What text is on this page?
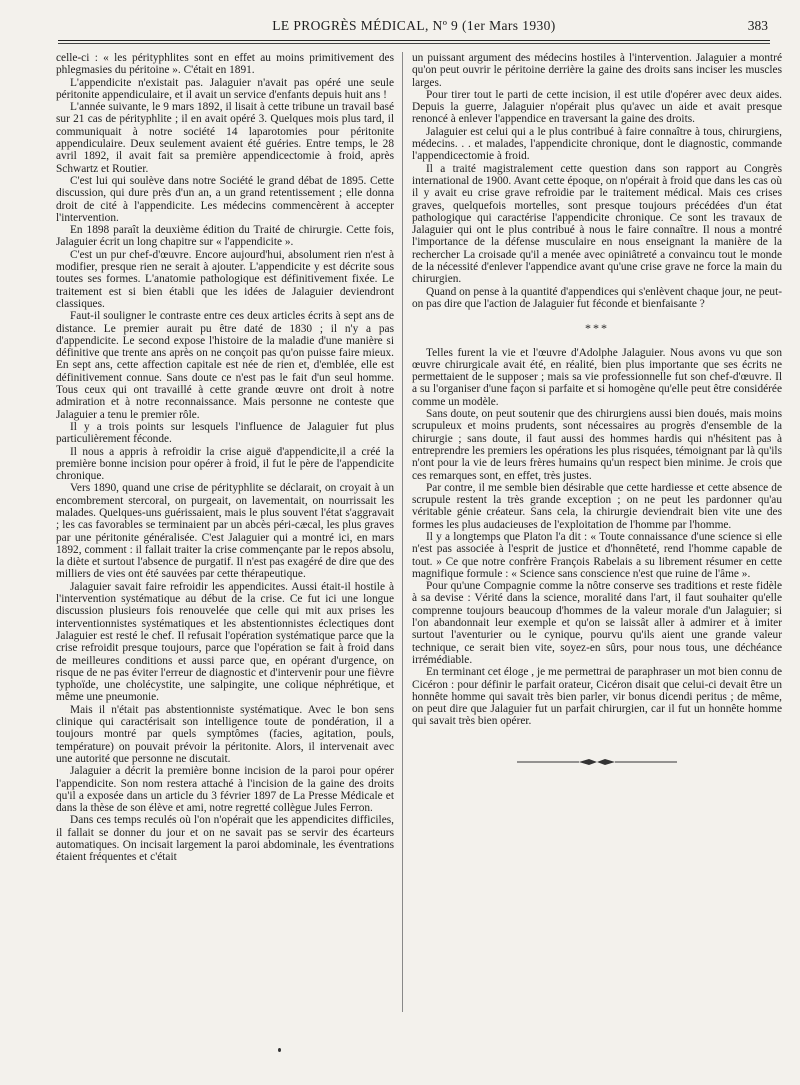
LE PROGRÈS MÉDICAL, Nº 9 (1er Mars 1930)	383

celle-ci : « les pérityphlites sont en effet au moins primitivement des phlegmasies du péritoine ». C'était en 1891.

L'appendicite n'existait pas. Jalaguier n'avait pas opéré une seule péritonite appendiculaire, et il avait un service d'enfants depuis huit ans !

L'année suivante, le 9 mars 1892, il lisait à cette tribune un travail basé sur 21 cas de pérityphlite ; il en avait opéré 3. Quelques mois plus tard, il communiquait à notre société 14 laparotomies pour péritonite appendiculaire. Deux seulement avaient été guéries. Entre temps, le 28 avril 1892, il avait fait sa première appendicectomie à froid, après Schwartz et Routier.

C'est lui qui soulève dans notre Société le grand débat de 1895. Cette discussion, qui dure près d'un an, a un grand retentissement ; elle donna droit de cité à l'appendicite. Les médecins commencèrent à accepter l'intervention.

En 1898 paraît la deuxième édition du Traité de chirurgie. Cette fois, Jalaguier écrit un long chapitre sur « l'appendicite ».

C'est un pur chef-d'œuvre. Encore aujourd'hui, absolument rien n'est à modifier, presque rien ne serait à ajouter. L'appendicite y est décrite sous toutes ses formes. L'anatomie pathologique est définitivement fixée. Le traitement est si bien établi que les idées de Jalaguier deviendront classiques.

Faut-il souligner le contraste entre ces deux articles écrits à sept ans de distance. Le premier aurait pu être daté de 1830 ; il n'y a pas d'appendicite. Le second expose l'histoire de la maladie d'une manière si définitive que trente ans après on ne conçoit pas qu'on puisse faire mieux. En sept ans, cette affection capitale est née de rien et, d'emblée, elle est définitivement connue. Sans doute ce n'est pas le fait d'un seul homme. Tous ceux qui ont travaillé à cette grande œuvre ont droit à notre admiration et à notre reconnaissance. Mais personne ne conteste que Jalaguier a tenu le premier rôle.

Il y a trois points sur lesquels l'influence de Jalaguier fut plus particulièrement féconde.

Il nous a appris à refroidir la crise aiguë d'appendicite,il a créé la première bonne incision pour opérer à froid, il fut le père de l'appendicite chronique.

Vers 1890, quand une crise de pérityphlite se déclarait, on croyait à un encombrement stercoral, on purgeait, on lavementait, on nourrissait les malades. Quelques-uns guérissaient, mais le plus souvent l'état s'aggravait ; les cas favorables se terminaient par un abcès péri-cæcal, les plus graves par une péritonite généralisée. C'est Jalaguier qui a montré ici, en mars 1892, comment : il fallait traiter la crise commençante par le repos absolu, la diète et surtout l'absence de purgatif. Il n'est pas exagéré de dire que des milliers de vies ont été sauvées par cette thérapeutique.

Jalaguier savait faire refroidir les appendicites. Aussi était-il hostile à l'intervention systématique au début de la crise. Ce fut ici une longue discussion plusieurs fois renouvelée que celle qui mit aux prises les interventionnistes systématiques et les abstentionnistes éclectiques dont Jalaguier est resté le chef. Il refusait l'opération systématique parce que la crise refroidit presque toujours, parce que l'opération se fait à froid dans de meilleures conditions et aussi parce que, en opérant d'urgence, on risque de ne pas éviter l'erreur de diagnostic et d'intervenir pour une fièvre typhoïde, une cholécystite, une salpingite, une colique néphrétique, et même une pneumonie.

Mais il n'était pas abstentionniste systématique. Avec le bon sens clinique qui caractérisait son intelligence toute de pondération, il a toujours montré par quels symptômes (facies, agitation, pouls, température) on pouvait prévoir la péritonite. Alors, il intervenait avec une autorité que personne ne discutait.

Jalaguier a décrit la première bonne incision de la paroi pour opérer l'appendicite. Son nom restera attaché à l'incision de la gaine des droits qu'il a exposée dans un article du 3 février 1897 de La Presse Médicale et dans la thèse de son élève et ami, notre regretté collègue Jules Ferron.

Dans ces temps reculés où l'on n'opérait que les appendicites difficiles, il fallait se donner du jour et on ne savait pas se servir des écarteurs automatiques. On incisait largement la paroi abdominale, les éventrations étaient fréquentes et c'était

un puissant argument des médecins hostiles à l'intervention. Jalaguier a montré qu'on peut ouvrir le péritoine derrière la gaine des droits sans inciser les muscles larges.

Pour tirer tout le parti de cette incision, il est utile d'opérer avec deux aides. Depuis la guerre, Jalaguier n'opérait plus qu'avec un aide et avait presque renoncé à enlever l'appendice en traversant la gaine des droits.

Jalaguier est celui qui a le plus contribué à faire connaître à tous, chirurgiens, médecins. . . et malades, l'appendicite chronique, dont le diagnostic, commande l'appendicectomie à froid.

Il a traité magistralement cette question dans son rapport au Congrès international de 1900. Avant cette époque, on n'opérait à froid que dans les cas où il y avait eu crise grave refroidie par le traitement médical. Mais ces crises graves, quelquefois mortelles, sont presque toujours précédées d'un état pathologique qui caractérise l'appendicite chronique. Ce sont les travaux de Jalaguier qui ont le plus contribué à nous le faire connaître. Il nous a montré l'importance de la défense musculaire en nous enseignant la manière de la rechercher La croisade qu'il a menée avec opiniâtreté a convaincu tout le monde de la nécessité d'enlever l'appendice avant qu'une crise grave ne force la main du chirurgien.

Quand on pense à la quantité d'appendices qui s'enlèvent chaque jour, ne peut-on pas dire que l'action de Jalaguier fut féconde et bienfaisante ?

***

Telles furent la vie et l'œuvre d'Adolphe Jalaguier. Nous avons vu que son œuvre chirurgicale avait été, en réalité, bien plus importante que ses écrits ne permettaient de le supposer ; mais sa vie professionnelle fut son chef-d'œuvre. Il a su l'organiser d'une façon si parfaite et si homogène qu'elle peut être considérée comme un modèle.

Sans doute, on peut soutenir que des chirurgiens aussi bien doués, mais moins scrupuleux et moins prudents, sont nécessaires au progrès d'ensemble de la chirurgie ; sans doute, il faut aussi des hommes hardis qui n'hésitent pas à entreprendre les premiers les opérations les plus risquées, témoignant par là qu'ils n'ont pour la vie de leurs frères humains qu'un respect bien minime. Je crois que ces remarques sont, en effet, très justes.

Par contre, il me semble bien désirable que cette hardiesse et cette absence de scrupule restent la très grande exception ; on ne peut les pardonner qu'au véritable génie créateur. Sans cela, la chirurgie deviendrait bien vite une des formes les plus audacieuses de l'exploitation de l'homme par l'homme.

Il y a longtemps que Platon l'a dit : « Toute connaissance d'une science si elle n'est pas associée à l'esprit de justice et d'honnêteté, rend l'homme capable de tout. » Ce que notre confrère François Rabelais a su librement résumer en cette magnifique formule : « Science sans conscience n'est que ruine de l'âme ».

Pour qu'une Compagnie comme la nôtre conserve ses traditions et reste fidèle à sa devise : Vérité dans la science, moralité dans l'art, il faut souhaiter qu'elle comprenne toujours beaucoup d'hommes de la valeur morale d'un Jalaguier; si l'on abandonnait leur exemple et qu'on se laissât aller à admirer et à imiter surtout l'aventurier ou le cynique, pourvu qu'ils aient une grande valeur technique, ce serait bien vite, soyez-en sûrs, pour nous tous, une déchéance irrémédiable.

En terminant cet éloge , je me permettrai de paraphraser un mot bien connu de Cicéron : pour définir le parfait orateur, Cicéron disait que celui-ci devait être un honnête homme qui savait très bien parler, vir bonus dicendi peritus ; de même, on peut dire que Jalaguier fut un parfait chirurgien, car il fut un honnête homme qui savait très bien opérer.
